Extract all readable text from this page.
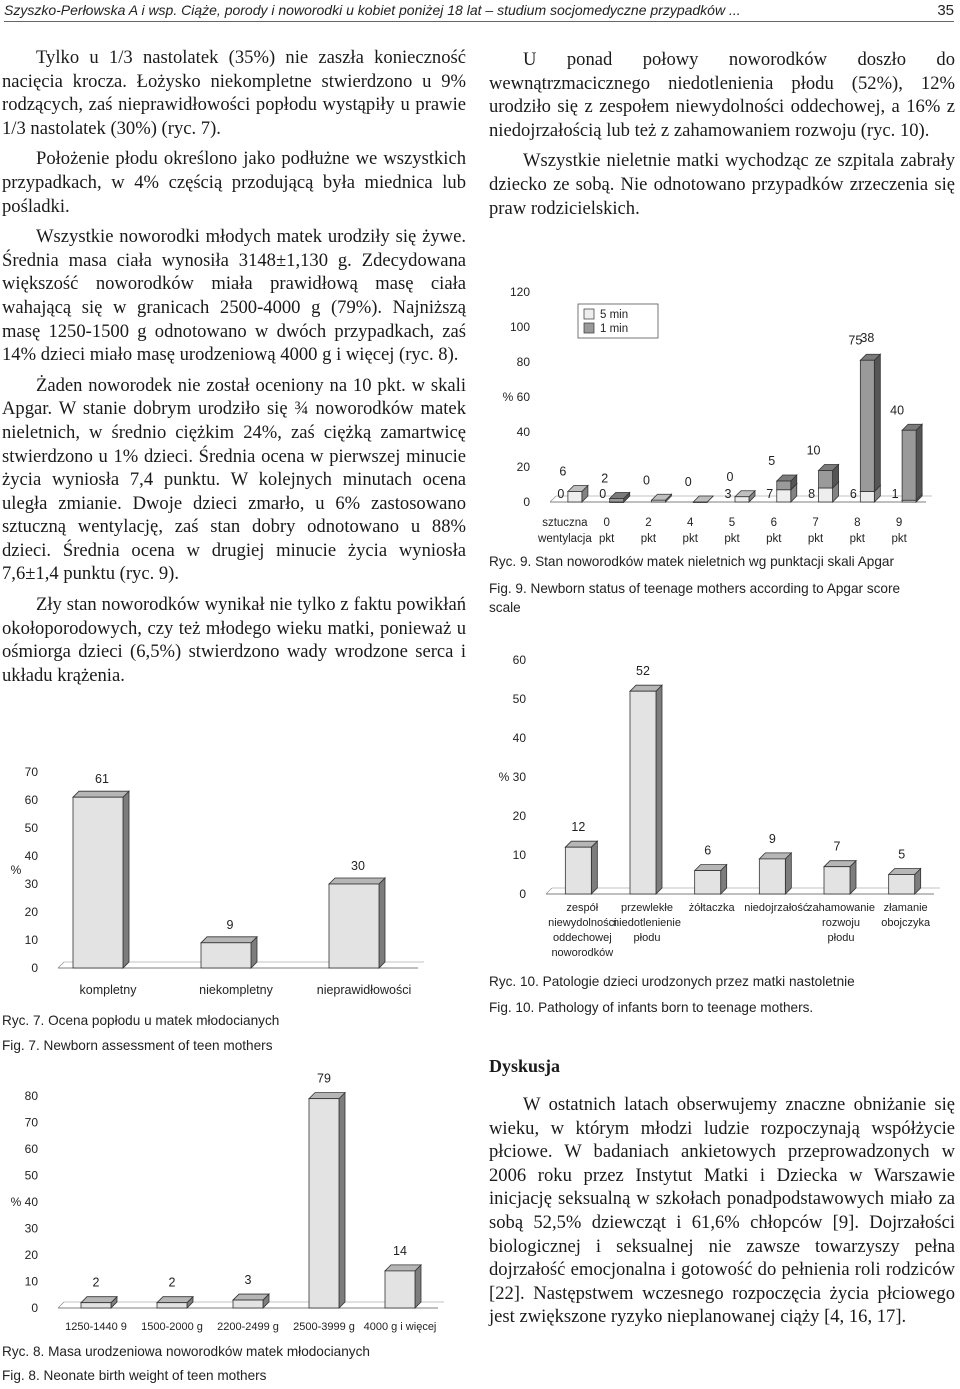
Szyszko-Perłowska A i wsp. Ciąże, porody i noworodki u kobiet poniżej 18 lat – studium socjomedyczne przypadków ...	35

Tylko u 1/3 nastolatek (35%) nie zaszła konieczność nacięcia krocza. Łożysko niekompletne stwierdzono u 9% rodzących, zaś nieprawidłowości popłodu wystąpiły u prawie 1/3 nastolatek (30%) (ryc. 7).

Położenie płodu określono jako podłużne we wszystkich przypadkach, w 4% częścią przodującą była miednica lub pośladki.

Wszystkie noworodki młodych matek urodziły się żywe. Średnia masa ciała wynosiła 3148±1,130 g. Zdecydowana większość noworodków miała prawidłową masę ciała wahającą się w granicach 2500-4000 g (79%). Najniższą masę 1250-1500 g odnotowano w dwóch przypadkach, zaś 14% dzieci miało masę urodzeniową 4000 g i więcej (ryc. 8).

Żaden noworodek nie został oceniony na 10 pkt. w skali Apgar. W stanie dobrym urodziło się ¾ noworodków matek nieletnich, w średnio ciężkim 24%, zaś ciężką zamartwicę stwierdzono u 1% dzieci. Średnia ocena w pierwszej minucie życia wyniosła 7,4 punktu. W kolejnych minutach ocena uległa zmianie. Dwoje dzieci zmarło, u 6% zastosowano sztuczną wentylację, zaś stan dobry odnotowano u 88% dzieci. Średnia ocena w drugiej minucie życia wyniosła 7,6±1,4 punktu (ryc. 9).

Zły stan noworodków wynikał nie tylko z faktu powikłań okołoporodowych, czy też młodego wieku matki, ponieważ u ośmiorga dzieci (6,5%) stwierdzono wady wrodzone serca i układu krążenia.

U ponad połowy noworodków doszło do wewnątrzmacicznego niedotlenienia płodu (52%), 12% urodziło się z zespołem niewydolności oddechowej, a 16% z niedojrzałością lub też z zahamowaniem rozwoju (ryc. 10).

Wszystkie nieletnie matki wychodząc ze szpitala zabrały dziecko ze sobą. Nie odnotowano przypadków zrzeczenia się praw rodzicielskich.

0
10
20
30
40
50
60
70
%
61
kompletny
9
niekompletny
30
nieprawidłowości
Ryc. 7. Ocena popłodu u matek młodocianych
Fig. 7. Newborn assessment of teen mothers
0
10
20
30
40
50
60
70
80
%
2
1250-1440 9
2
1500-2000 g
3
2200-2499 g
79
2500-3999 g
14
4000 g i więcej
Ryc. 8. Masa urodzeniowa noworodków matek młodocianych
Fig. 8. Neonate birth weight of teen mothers
0
20
40
60
80
100
120
%
0
6
sztuczna
wentylacja
0
2
0
pkt
0
2
pkt
0
4
pkt
3
0
5
pkt
7
5
6
pkt
8
10
7
pkt
6
75
8
pkt
1
40
9
pkt
38
5 min
1 min
Ryc. 9. Stan noworodków matek nieletnich wg punktacji skali Apgar
Fig. 9. Newborn status of teenage mothers according to Apgar score
scale
0
10
20
30
40
50
60
%
12
zespół
niewydolności
oddechowej
noworodków
52
przewlekłe
niedotlenienie
płodu
6
żółtaczka
9
niedojrzałość
7
zahamowanie
rozwoju
płodu
5
złamanie
obojczyka
Ryc. 10. Patologie dzieci urodzonych przez matki nastoletnie
Fig. 10. Pathology of infants born to teenage mothers.
Dyskusja

W ostatnich latach obserwujemy znaczne obniżanie się wieku, w którym młodzi ludzie rozpoczynają współżycie płciowe. W badaniach ankietowych przeprowadzonych w 2006 roku przez Instytut Matki i Dziecka w Warszawie inicjację seksualną w szkołach ponadpodstawowych miało za sobą 52,5% dziewcząt i 61,6% chłopców [9]. Dojrzałości biologicznej i seksualnej nie zawsze towarzyszy pełna dojrzałość emocjonalna i gotowość do pełnienia roli rodziców [22]. Następstwem wczesnego rozpoczęcia życia płciowego jest zwiększone ryzyko nieplanowanej ciąży [4, 16, 17].
